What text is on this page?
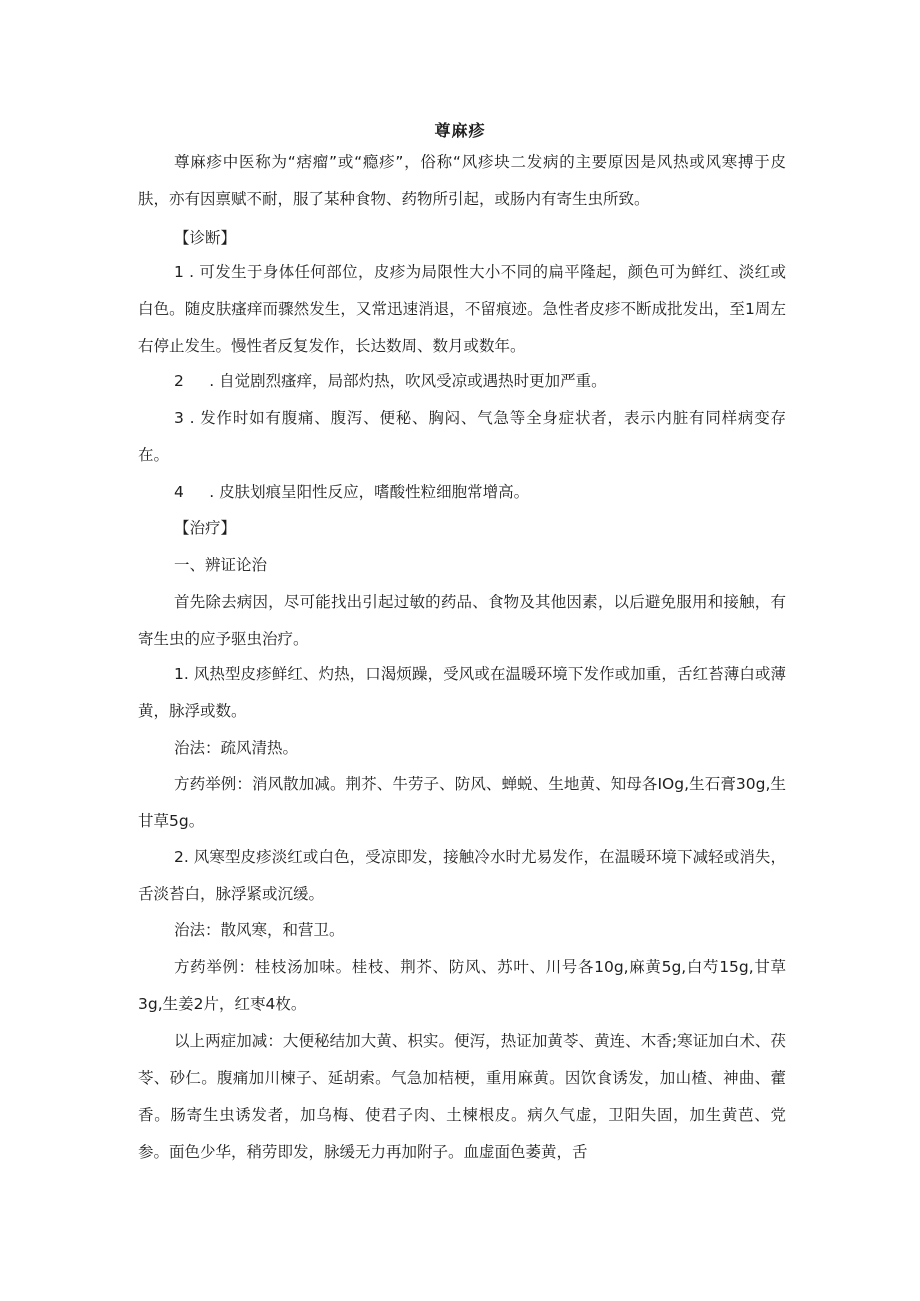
尊麻疹

尊麻疹中医称为“痞瘤”或“瘾疹”，俗称“风疹块二发病的主要原因是风热或风寒搏于皮肤，亦有因禀赋不耐，服了某种食物、药物所引起，或肠内有寄生虫所致。

【诊断】

1 . 可发生于身体任何部位，皮疹为局限性大小不同的扁平隆起，颜色可为鲜红、淡红或白色。随皮肤瘙痒而骤然发生，又常迅速消退，不留痕迹。急性者皮疹不断成批发出，至1周左右停止发生。慢性者反复发作，长达数周、数月或数年。

2 　 . 自觉剧烈瘙痒，局部灼热，吹风受凉或遇热时更加严重。

3 . 发作时如有腹痛、腹泻、便秘、胸闷、气急等全身症状者，表示内脏有同样病变存在。

4 　 . 皮肤划痕呈阳性反应，嗜酸性粒细胞常增高。

【治疗】

一、辨证论治

首先除去病因，尽可能找出引起过敏的药品、食物及其他因素，以后避免服用和接触，有寄生虫的应予驱虫治疗。

1. 风热型皮疹鲜红、灼热，口渴烦躁，受风或在温暖环境下发作或加重，舌红苔薄白或薄黄，脉浮或数。

治法：疏风清热。

方药举例：消风散加减。荆芥、牛劳子、防风、蝉蜕、生地黄、知母各IOg,生石膏30g,生甘草5g。

2. 风寒型皮疹淡红或白色，受凉即发，接触冷水时尤易发作，在温暖环境下减轻或消失，舌淡苔白，脉浮紧或沉缓。

治法：散风寒，和营卫。

方药举例：桂枝汤加味。桂枝、荆芥、防风、苏叶、川号各10g,麻黄5g,白芍15g,甘草3g,生姜2片，红枣4枚。

以上两症加减：大便秘结加大黄、枳实。便泻，热证加黄苓、黄连、木香;寒证加白术、茯苓、砂仁。腹痛加川楝子、延胡索。气急加桔梗，重用麻黄。因饮食诱发，加山楂、神曲、藿香。肠寄生虫诱发者，加乌梅、使君子肉、土楝根皮。病久气虚，卫阳失固，加生黄芭、党参。面色少华，稍劳即发，脉缓无力再加附子。血虚面色萎黄，舌
